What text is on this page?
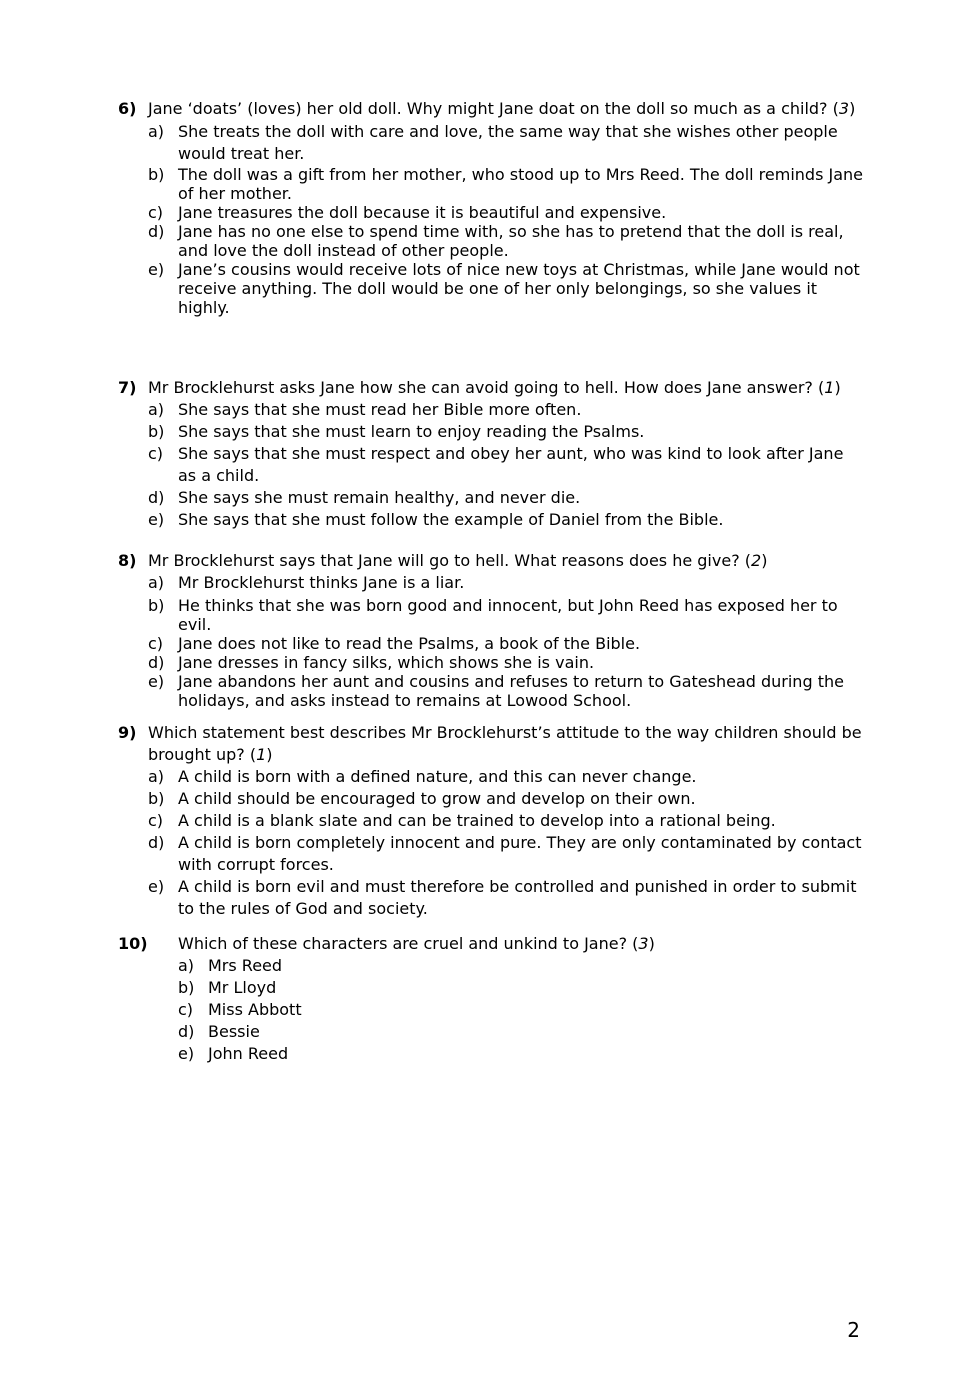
6) Jane ‘doats’ (loves) her old doll. Why might Jane doat on the doll so much as a child? (3)
a) She treats the doll with care and love, the same way that she wishes other people would treat her.
b) The doll was a gift from her mother, who stood up to Mrs Reed. The doll reminds Jane of her mother.
c) Jane treasures the doll because it is beautiful and expensive.
d) Jane has no one else to spend time with, so she has to pretend that the doll is real, and love the doll instead of other people.
e) Jane’s cousins would receive lots of nice new toys at Christmas, while Jane would not receive anything. The doll would be one of her only belongings, so she values it highly.
7) Mr Brocklehurst asks Jane how she can avoid going to hell. How does Jane answer? (1)
a) She says that she must read her Bible more often.
b) She says that she must learn to enjoy reading the Psalms.
c) She says that she must respect and obey her aunt, who was kind to look after Jane as a child.
d) She says she must remain healthy, and never die.
e) She says that she must follow the example of Daniel from the Bible.
8) Mr Brocklehurst says that Jane will go to hell. What reasons does he give? (2)
a) Mr Brocklehurst thinks Jane is a liar.
b) He thinks that she was born good and innocent, but John Reed has exposed her to evil.
c) Jane does not like to read the Psalms, a book of the Bible.
d) Jane dresses in fancy silks, which shows she is vain.
e) Jane abandons her aunt and cousins and refuses to return to Gateshead during the holidays, and asks instead to remains at Lowood School.
9) Which statement best describes Mr Brocklehurst’s attitude to the way children should be brought up? (1)
a) A child is born with a defined nature, and this can never change.
b) A child should be encouraged to grow and develop on their own.
c) A child is a blank slate and can be trained to develop into a rational being.
d) A child is born completely innocent and pure. They are only contaminated by contact with corrupt forces.
e) A child is born evil and must therefore be controlled and punished in order to submit to the rules of God and society.
10)	Which of these characters are cruel and unkind to Jane? (3)
a) Mrs Reed
b) Mr Lloyd
c) Miss Abbott
d) Bessie
e) John Reed
2
